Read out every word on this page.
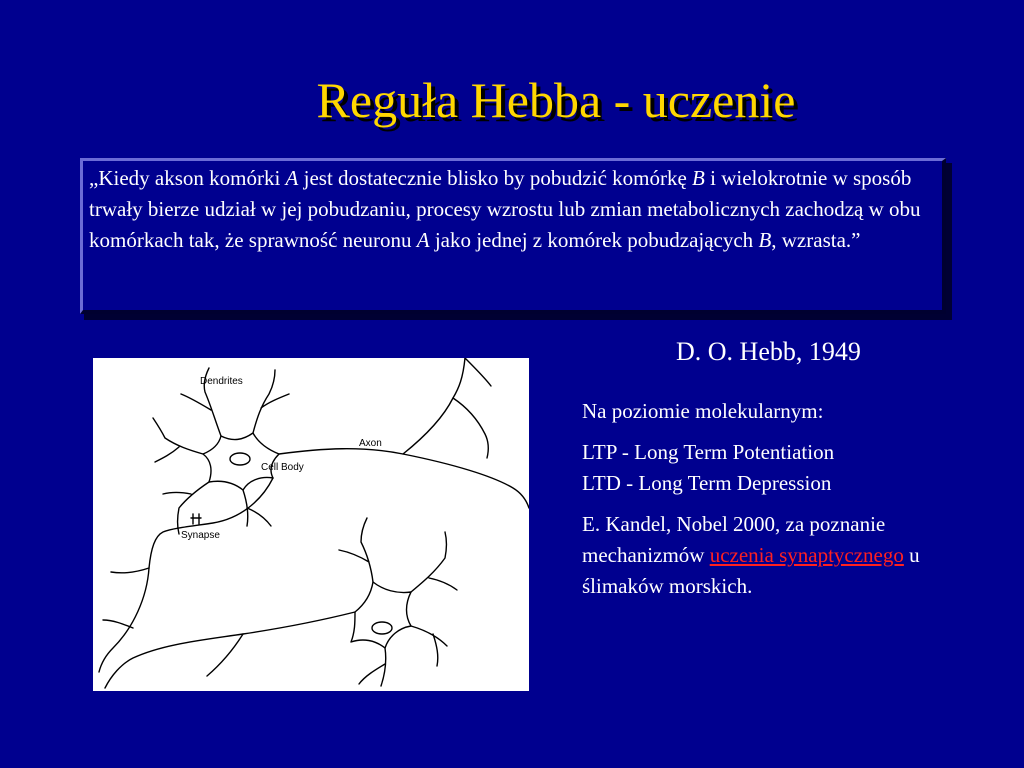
Reguła Hebba - uczenie
„Kiedy akson komórki A jest dostatecznie blisko by pobudzić komórkę B i wielokrotnie w sposób trwały bierze udział w jej pobudzaniu, procesy wzrostu lub zmian metabolicznych zachodzą w obu komórkach tak, że sprawność neuronu A jako jednej z komórek pobudzających B, wzrasta.”
D. O. Hebb, 1949

Na poziomie molekularnym:

LTP - Long Term Potentiation
LTD - Long Term Depression

E. Kandel, Nobel 2000, za poznanie mechanizmów uczenia synaptycznego u ślimaków morskich.

Dendrites
Axon
Cell Body
Synapse
